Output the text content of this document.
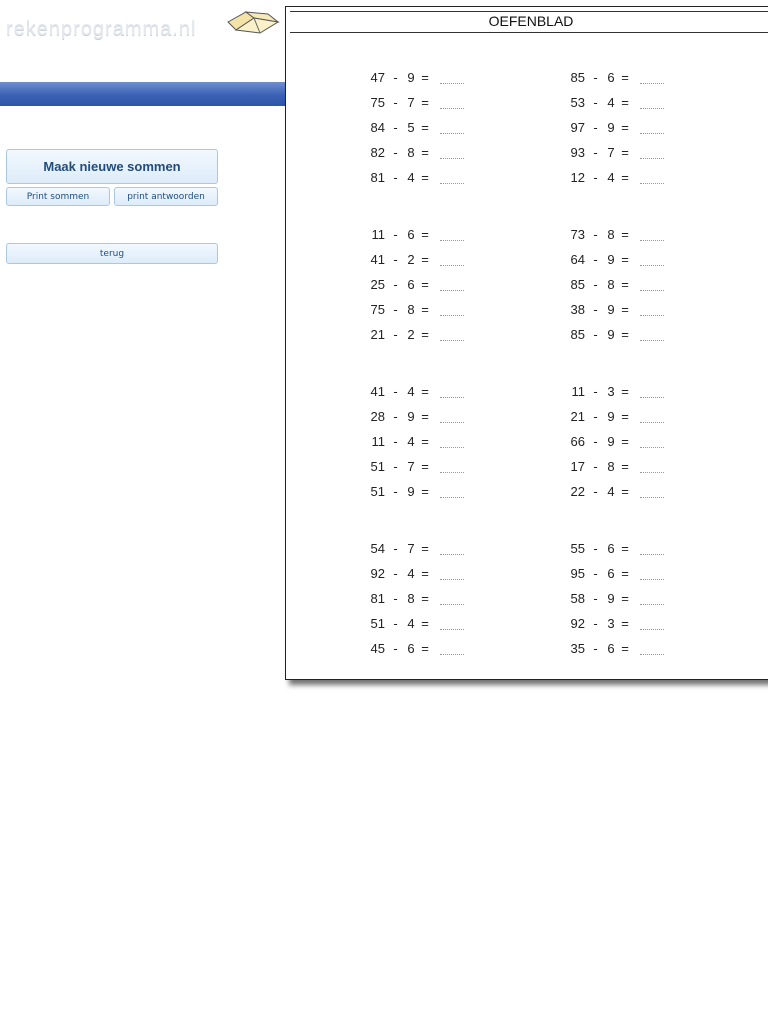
rekenprogramma.nl
Maak nieuwe sommen
Print sommen	print antwoorden
terug
OEFENBLAD
47 - 9 =
75 - 7 =
84 - 5 =
82 - 8 =
81 - 4 =
11 - 6 =
41 - 2 =
25 - 6 =
75 - 8 =
21 - 2 =
41 - 4 =
28 - 9 =
11 - 4 =
51 - 7 =
51 - 9 =
54 - 7 =
92 - 4 =
81 - 8 =
51 - 4 =
45 - 6 =
85 - 6 =
53 - 4 =
97 - 9 =
93 - 7 =
12 - 4 =
73 - 8 =
64 - 9 =
85 - 8 =
38 - 9 =
85 - 9 =
11 - 3 =
21 - 9 =
66 - 9 =
17 - 8 =
22 - 4 =
55 - 6 =
95 - 6 =
58 - 9 =
92 - 3 =
35 - 6 =
